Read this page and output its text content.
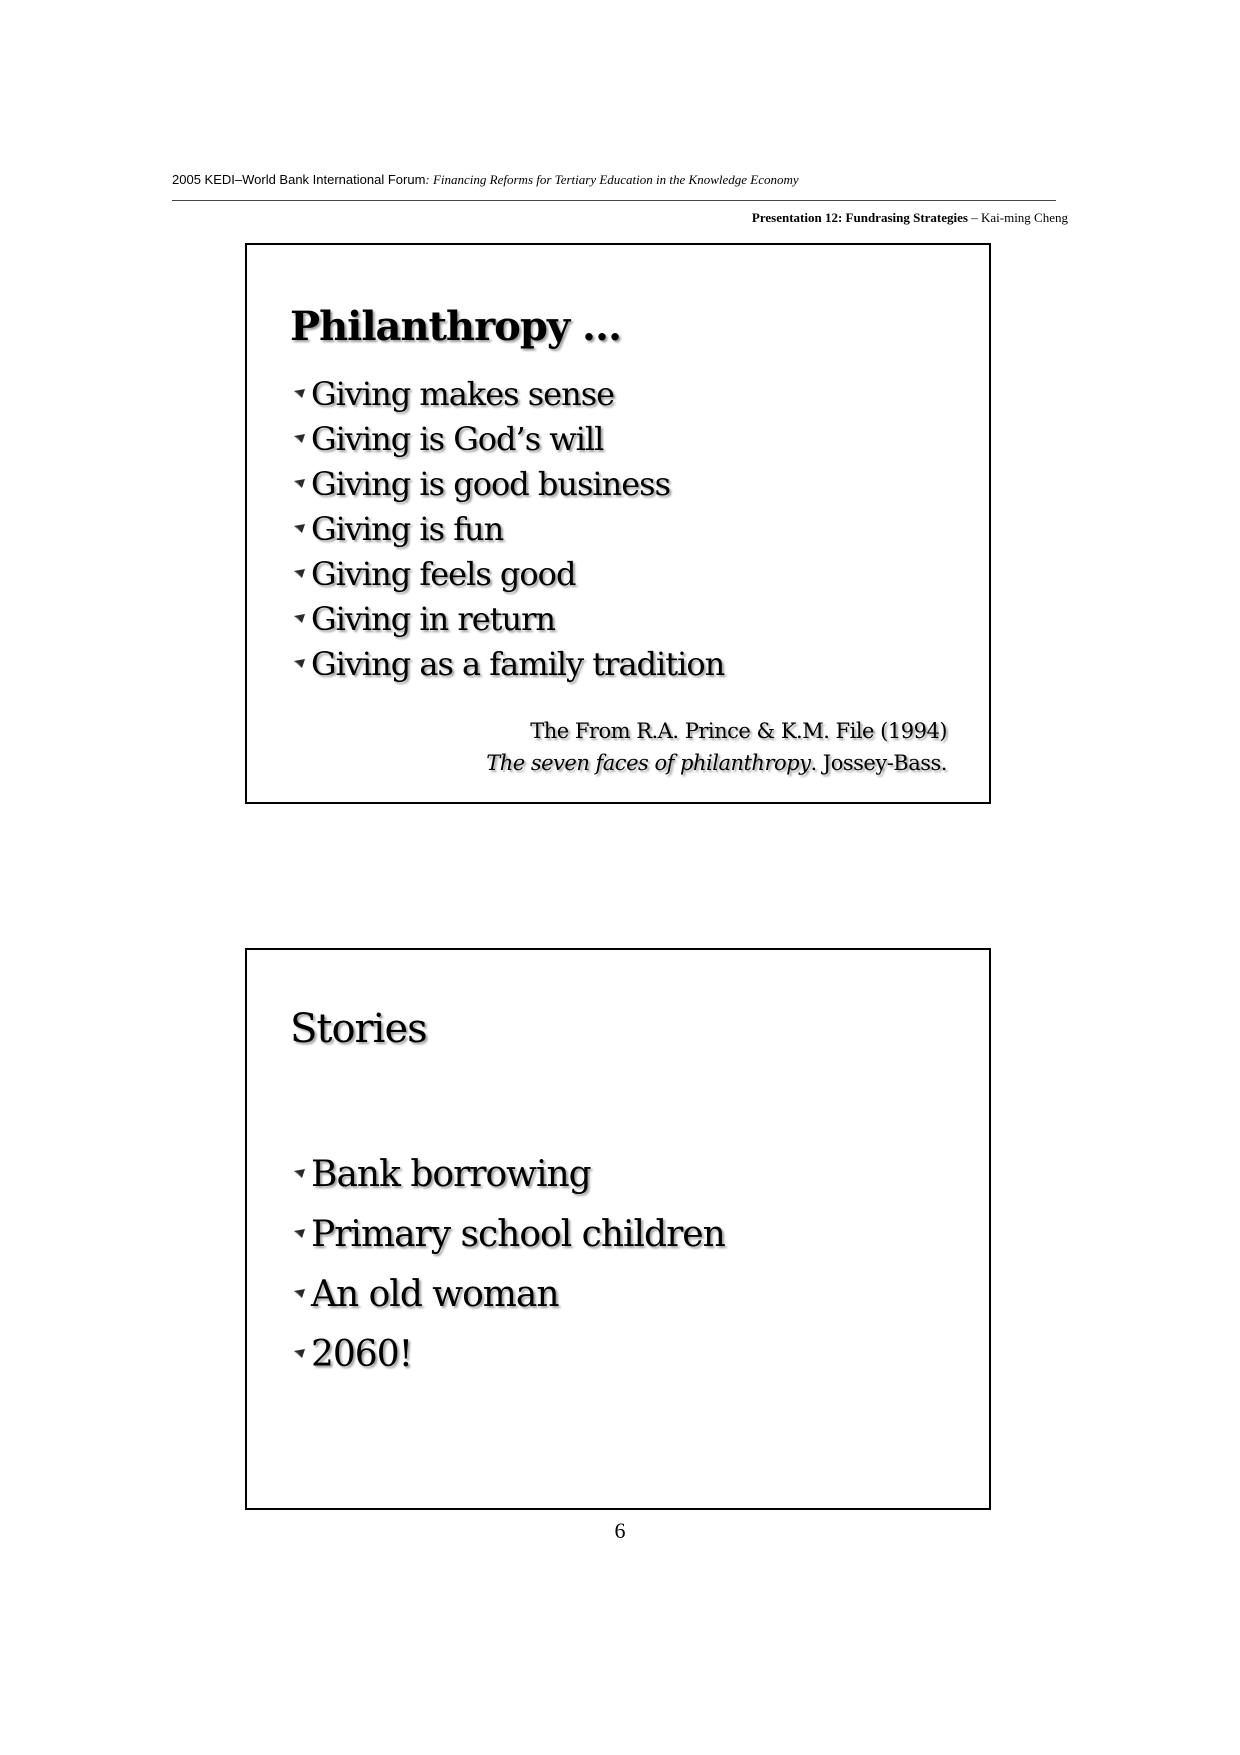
2005 KEDI–World Bank International Forum: Financing Reforms for Tertiary Education in the Knowledge Economy
Presentation 12: Fundrasing Strategies – Kai-ming Cheng
Philanthropy …
Giving makes sense
Giving is God’s will
Giving is good business
Giving is fun
Giving feels good
Giving in return
Giving as a family tradition
The From R.A. Prince & K.M. File (1994)
The seven faces of philanthropy. Jossey-Bass.
Stories
Bank borrowing
Primary school children
An old woman
2060!
6
